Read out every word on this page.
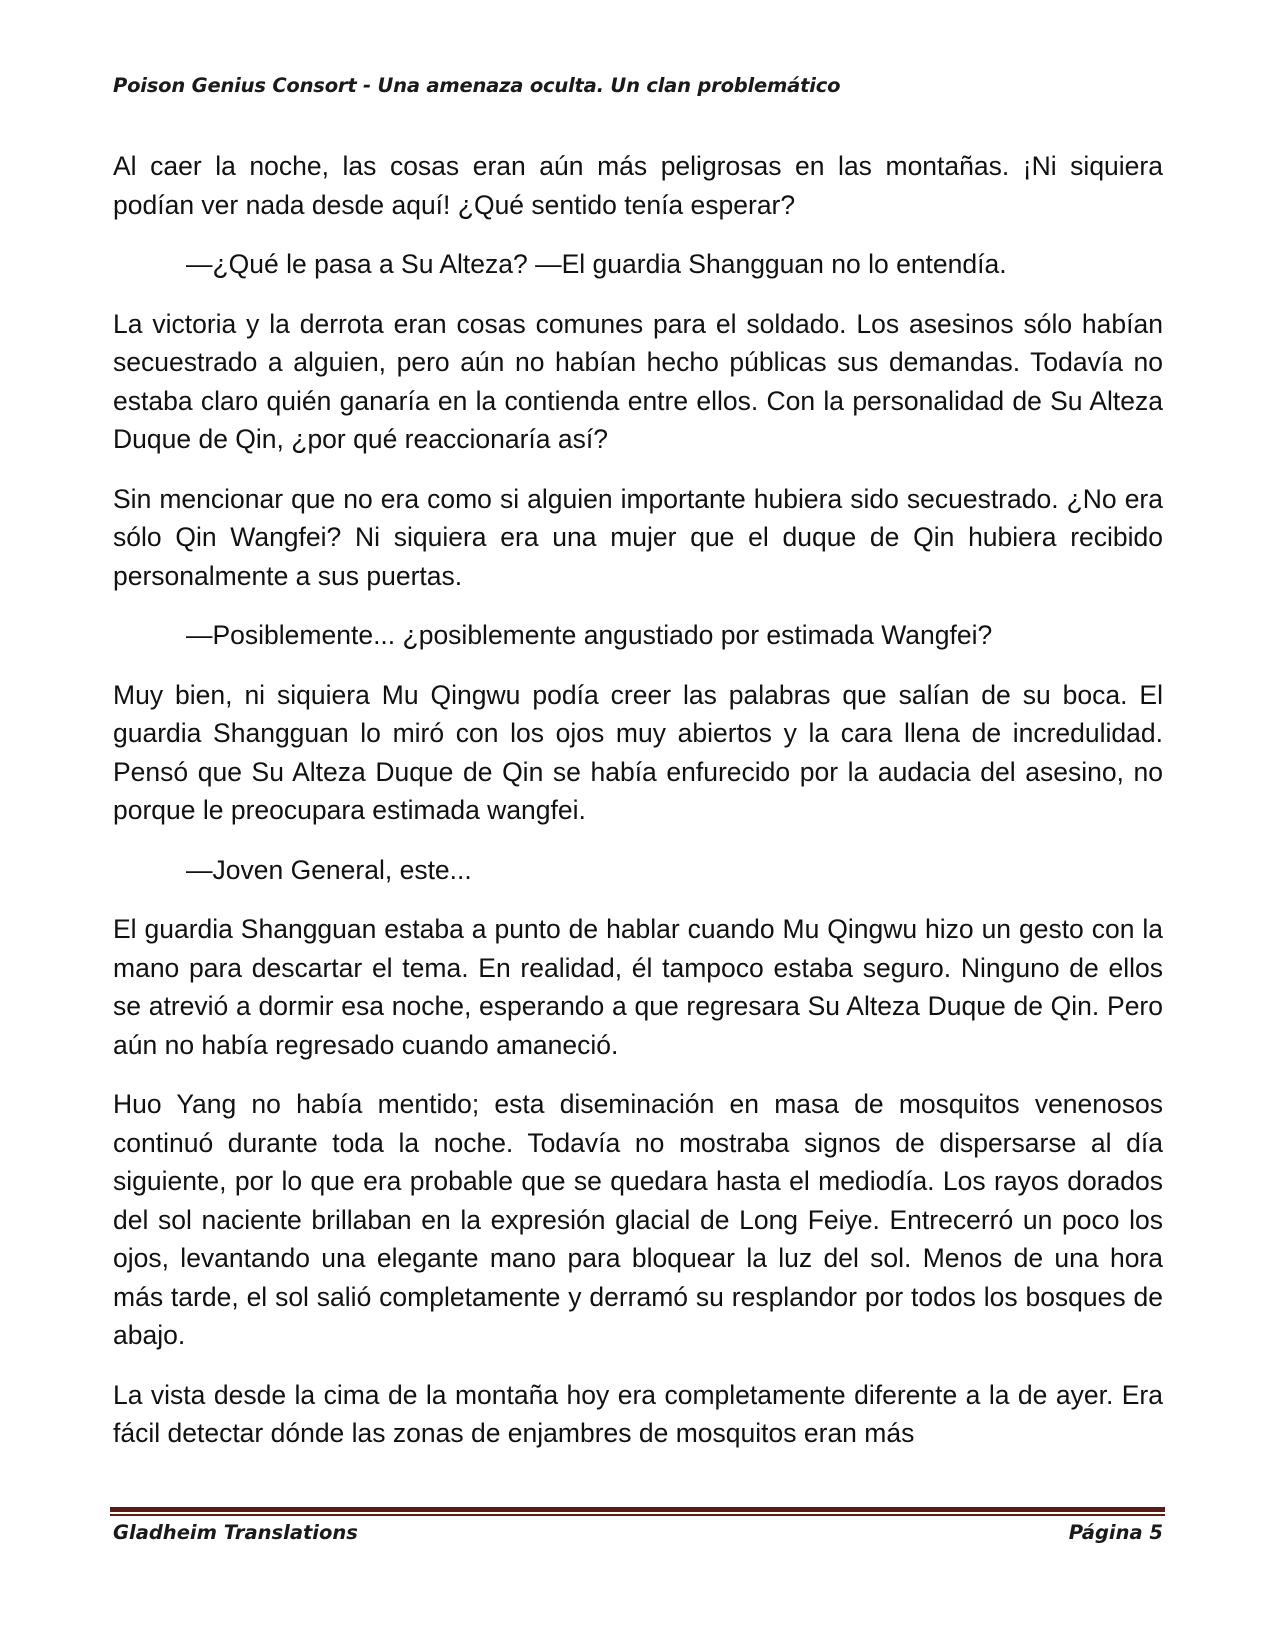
Poison Genius Consort - Una amenaza oculta. Un clan problemático

Al caer la noche, las cosas eran aún más peligrosas en las montañas. ¡Ni siquiera podían ver nada desde aquí! ¿Qué sentido tenía esperar?

—¿Qué le pasa a Su Alteza? —El guardia Shangguan no lo entendía.

La victoria y la derrota eran cosas comunes para el soldado. Los asesinos sólo habían secuestrado a alguien, pero aún no habían hecho públicas sus demandas. Todavía no estaba claro quién ganaría en la contienda entre ellos. Con la personalidad de Su Alteza Duque de Qin, ¿por qué reaccionaría así?

Sin mencionar que no era como si alguien importante hubiera sido secuestrado. ¿No era sólo Qin Wangfei? Ni siquiera era una mujer que el duque de Qin hubiera recibido personalmente a sus puertas.

—Posiblemente... ¿posiblemente angustiado por estimada Wangfei?

Muy bien, ni siquiera Mu Qingwu podía creer las palabras que salían de su boca. El guardia Shangguan lo miró con los ojos muy abiertos y la cara llena de incredulidad. Pensó que Su Alteza Duque de Qin se había enfurecido por la audacia del asesino, no porque le preocupara estimada wangfei.

—Joven General, este...

El guardia Shangguan estaba a punto de hablar cuando Mu Qingwu hizo un gesto con la mano para descartar el tema. En realidad, él tampoco estaba seguro. Ninguno de ellos se atrevió a dormir esa noche, esperando a que regresara Su Alteza Duque de Qin. Pero aún no había regresado cuando amaneció.

Huo Yang no había mentido; esta diseminación en masa de mosquitos venenosos continuó durante toda la noche. Todavía no mostraba signos de dispersarse al día siguiente, por lo que era probable que se quedara hasta el mediodía. Los rayos dorados del sol naciente brillaban en la expresión glacial de Long Feiye. Entrecerró un poco los ojos, levantando una elegante mano para bloquear la luz del sol. Menos de una hora más tarde, el sol salió completamente y derramó su resplandor por todos los bosques de abajo.

La vista desde la cima de la montaña hoy era completamente diferente a la de ayer. Era fácil detectar dónde las zonas de enjambres de mosquitos eran más

Gladheim Translations	Página 5
